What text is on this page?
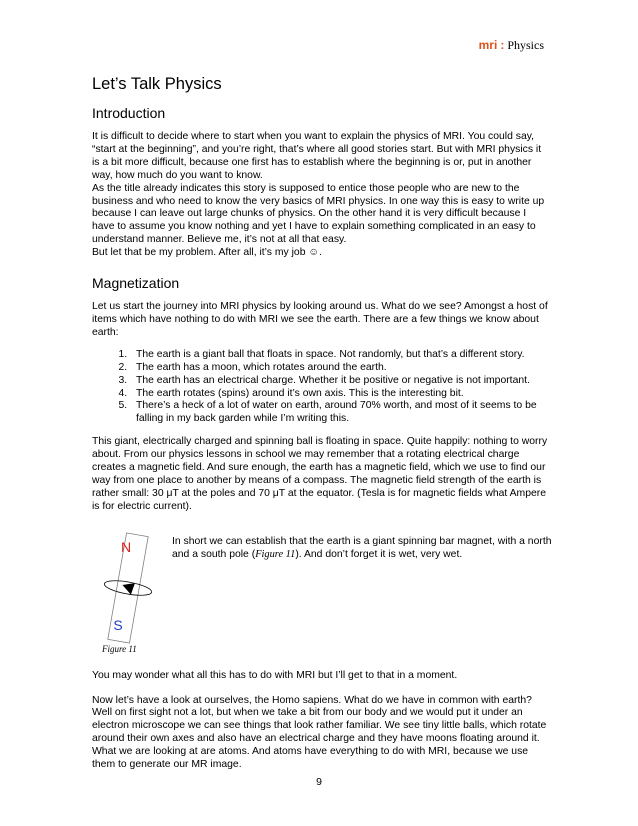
mri : Physics
Let’s Talk Physics
Introduction

It is difficult to decide where to start when you want to explain the physics of MRI. You could say, “start at the beginning”, and you’re right, that’s where all good stories start. But with MRI physics it is a bit more difficult, because one first has to establish where the beginning is or, put in another way, how much do you want to know.

As the title already indicates this story is supposed to entice those people who are new to the business and who need to know the very basics of MRI physics. In one way this is easy to write up because I can leave out large chunks of physics. On the other hand it is very difficult because I have to assume you know nothing and yet I have to explain something complicated in an easy to understand manner. Believe me, it’s not at all that easy.

But let that be my problem. After all, it’s my job ☺.

Magnetization

Let us start the journey into MRI physics by looking around us. What do we see? Amongst a host of items which have nothing to do with MRI we see the earth. There are a few things we know about earth:

1. The earth is a giant ball that floats in space. Not randomly, but that’s a different story.
2. The earth has a moon, which rotates around the earth.
3. The earth has an electrical charge. Whether it be positive or negative is not important.
4. The earth rotates (spins) around it’s own axis. This is the interesting bit.
5. There’s a heck of a lot of water on earth, around 70% worth, and most of it seems to be falling in my back garden while I’m writing this.

This giant, electrically charged and spinning ball is floating in space. Quite happily: nothing to worry about. From our physics lessons in school we may remember that a rotating electrical charge creates a magnetic field. And sure enough, the earth has a magnetic field, which we use to find our way from one place to another by means of a compass. The magnetic field strength of the earth is rather small: 30 μT at the poles and 70 μT at the equator. (Tesla is for magnetic fields what Ampere is for electric current).

N
S
Figure 11

In short we can establish that the earth is a giant spinning bar magnet, with a north and a south pole (Figure 11). And don’t forget it is wet, very wet.

You may wonder what all this has to do with MRI but I’ll get to that in a moment.

Now let’s have a look at ourselves, the Homo sapiens. What do we have in common with earth? Well on first sight not a lot, but when we take a bit from our body and we would put it under an electron microscope we can see things that look rather familiar. We see tiny little balls, which rotate around their own axes and also have an electrical charge and they have moons floating around it. What we are looking at are atoms. And atoms have everything to do with MRI, because we use them to generate our MR image.

9
